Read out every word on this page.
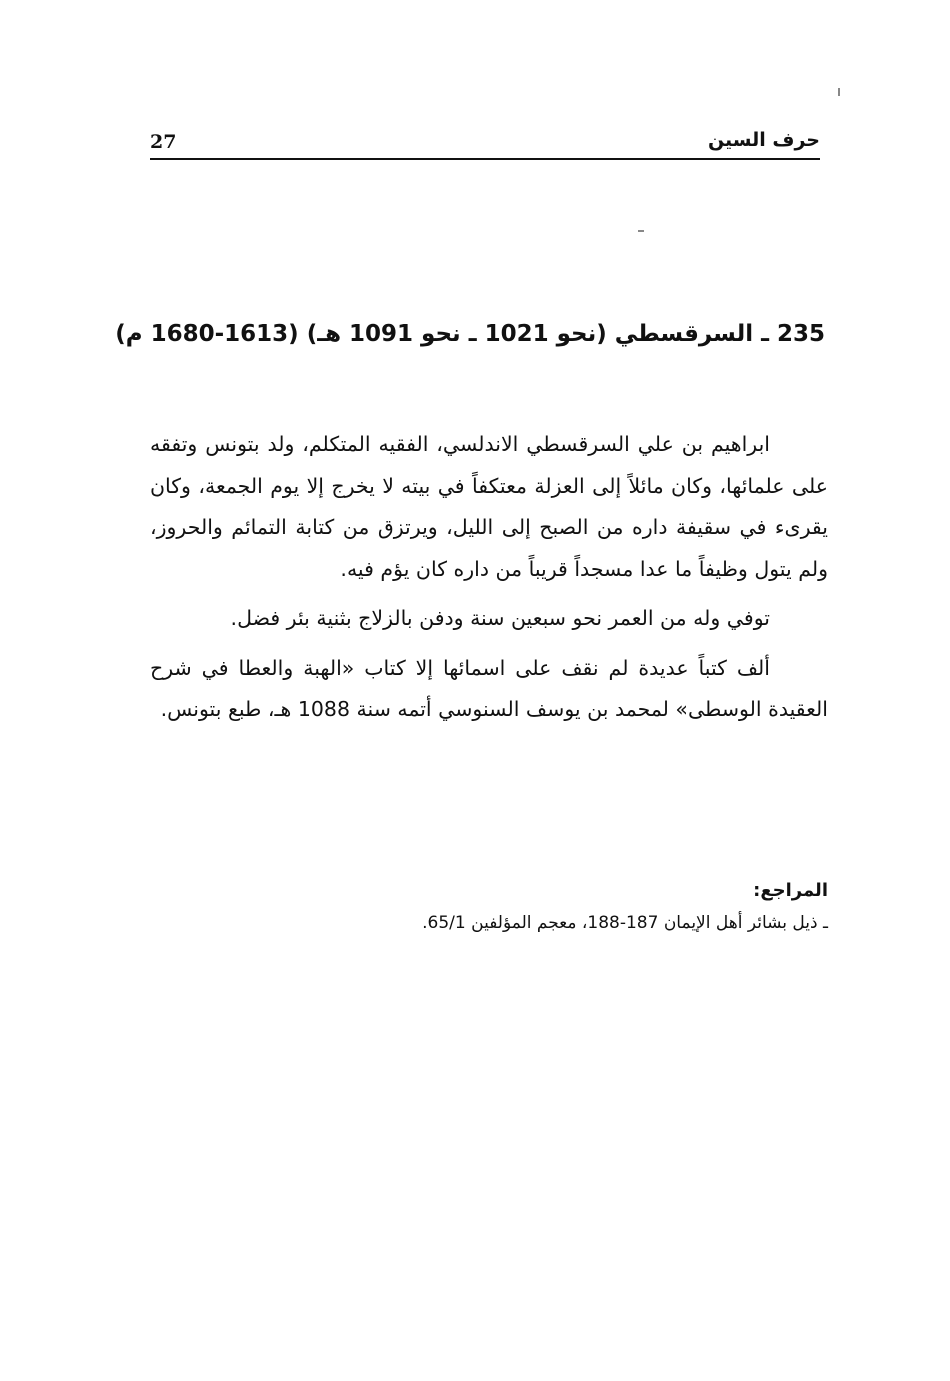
27	حرف السين
235 ـ السرقسطي (نحو 1021 ـ نحو 1091 هـ) (1613-1680 م)

ابراهيم بن علي السرقسطي الاندلسي، الفقيه المتكلم، ولد بتونس وتفقه على علمائها، وكان مائلاً إلى العزلة معتكفاً في بيته لا يخرج إلا يوم الجمعة، وكان يقرىء في سقيفة داره من الصبح إلى الليل، ويرتزق من كتابة التمائم والحروز، ولم يتول وظيفاً ما عدا مسجداً قريباً من داره كان يؤم فيه.

توفي وله من العمر نحو سبعين سنة ودفن بالزلاج بثنية بئر فضل.

ألف كتباً عديدة لم نقف على اسمائها إلا كتاب «الهبة والعطا في شرح العقيدة الوسطى» لمحمد بن يوسف السنوسي أتمه سنة 1088 هـ، طبع بتونس.

المراجع:

ـ ذيل بشائر أهل الإيمان 187-188، معجم المؤلفين 65/1.
